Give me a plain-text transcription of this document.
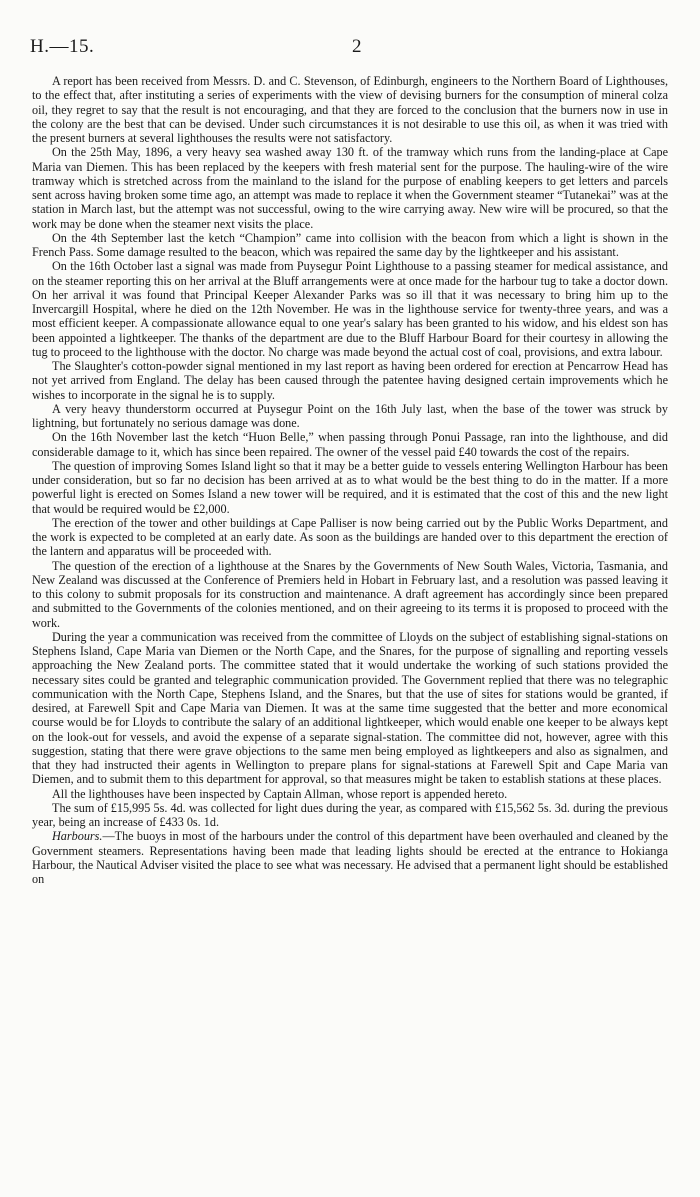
H.—15.	2

A report has been received from Messrs. D. and C. Stevenson, of Edinburgh, engineers to the Northern Board of Lighthouses, to the effect that, after instituting a series of experiments with the view of devising burners for the consumption of mineral colza oil, they regret to say that the result is not encouraging, and that they are forced to the conclusion that the burners now in use in the colony are the best that can be devised. Under such circumstances it is not desirable to use this oil, as when it was tried with the present burners at several lighthouses the results were not satisfactory.

On the 25th May, 1896, a very heavy sea washed away 130 ft. of the tramway which runs from the landing-place at Cape Maria van Diemen. This has been replaced by the keepers with fresh material sent for the purpose. The hauling-wire of the wire tramway which is stretched across from the mainland to the island for the purpose of enabling keepers to get letters and parcels sent across having broken some time ago, an attempt was made to replace it when the Government steamer “Tutanekai” was at the station in March last, but the attempt was not successful, owing to the wire carrying away. New wire will be procured, so that the work may be done when the steamer next visits the place.

On the 4th September last the ketch “Champion” came into collision with the beacon from which a light is shown in the French Pass. Some damage resulted to the beacon, which was repaired the same day by the lightkeeper and his assistant.

On the 16th October last a signal was made from Puysegur Point Lighthouse to a passing steamer for medical assistance, and on the steamer reporting this on her arrival at the Bluff arrangements were at once made for the harbour tug to take a doctor down. On her arrival it was found that Principal Keeper Alexander Parks was so ill that it was necessary to bring him up to the Invercargill Hospital, where he died on the 12th November. He was in the lighthouse service for twenty-three years, and was a most efficient keeper. A compassionate allowance equal to one year's salary has been granted to his widow, and his eldest son has been appointed a lightkeeper. The thanks of the department are due to the Bluff Harbour Board for their courtesy in allowing the tug to proceed to the lighthouse with the doctor. No charge was made beyond the actual cost of coal, provisions, and extra labour.

The Slaughter's cotton-powder signal mentioned in my last report as having been ordered for erection at Pencarrow Head has not yet arrived from England. The delay has been caused through the patentee having designed certain improvements which he wishes to incorporate in the signal he is to supply.

A very heavy thunderstorm occurred at Puysegur Point on the 16th July last, when the base of the tower was struck by lightning, but fortunately no serious damage was done.

On the 16th November last the ketch “Huon Belle,” when passing through Ponui Passage, ran into the lighthouse, and did considerable damage to it, which has since been repaired. The owner of the vessel paid £40 towards the cost of the repairs.

The question of improving Somes Island light so that it may be a better guide to vessels entering Wellington Harbour has been under consideration, but so far no decision has been arrived at as to what would be the best thing to do in the matter. If a more powerful light is erected on Somes Island a new tower will be required, and it is estimated that the cost of this and the new light that would be required would be £2,000.

The erection of the tower and other buildings at Cape Palliser is now being carried out by the Public Works Department, and the work is expected to be completed at an early date. As soon as the buildings are handed over to this department the erection of the lantern and apparatus will be proceeded with.

The question of the erection of a lighthouse at the Snares by the Governments of New South Wales, Victoria, Tasmania, and New Zealand was discussed at the Conference of Premiers held in Hobart in February last, and a resolution was passed leaving it to this colony to submit proposals for its construction and maintenance. A draft agreement has accordingly since been prepared and submitted to the Governments of the colonies mentioned, and on their agreeing to its terms it is proposed to proceed with the work.

During the year a communication was received from the committee of Lloyds on the subject of establishing signal-stations on Stephens Island, Cape Maria van Diemen or the North Cape, and the Snares, for the purpose of signalling and reporting vessels approaching the New Zealand ports. The committee stated that it would undertake the working of such stations provided the necessary sites could be granted and telegraphic communication provided. The Government replied that there was no telegraphic communication with the North Cape, Stephens Island, and the Snares, but that the use of sites for stations would be granted, if desired, at Farewell Spit and Cape Maria van Diemen. It was at the same time suggested that the better and more economical course would be for Lloyds to contribute the salary of an additional lightkeeper, which would enable one keeper to be always kept on the look-out for vessels, and avoid the expense of a separate signal-station. The committee did not, however, agree with this suggestion, stating that there were grave objections to the same men being employed as lightkeepers and also as signalmen, and that they had instructed their agents in Wellington to prepare plans for signal-stations at Farewell Spit and Cape Maria van Diemen, and to submit them to this department for approval, so that measures might be taken to establish stations at these places.

All the lighthouses have been inspected by Captain Allman, whose report is appended hereto.

The sum of £15,995 5s. 4d. was collected for light dues during the year, as compared with £15,562 5s. 3d. during the previous year, being an increase of £433 0s. 1d.

Harbours.—The buoys in most of the harbours under the control of this department have been overhauled and cleaned by the Government steamers. Representations having been made that leading lights should be erected at the entrance to Hokianga Harbour, the Nautical Adviser visited the place to see what was necessary. He advised that a permanent light should be established on
